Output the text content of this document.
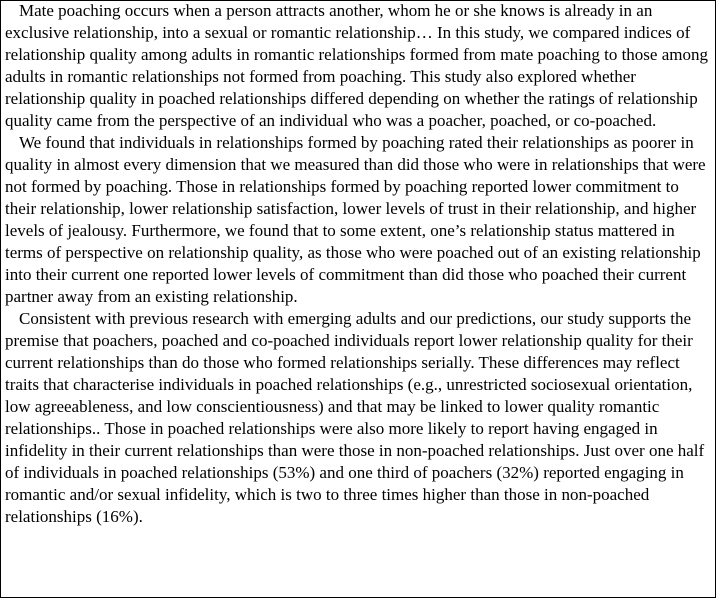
Mate poaching occurs when a person attracts another, whom he or she knows is already in an exclusive relationship, into a sexual or romantic relationship… In this study, we compared indices of relationship quality among adults in romantic relationships formed from mate poaching to those among adults in romantic relationships not formed from poaching. This study also explored whether relationship quality in poached relationships differed depending on whether the ratings of relationship quality came from the perspective of an individual who was a poacher, poached, or co-poached.

We found that individuals in relationships formed by poaching rated their relationships as poorer in quality in almost every dimension that we measured than did those who were in relationships that were not formed by poaching. Those in relationships formed by poaching reported lower commitment to their relationship, lower relationship satisfaction, lower levels of trust in their relationship, and higher levels of jealousy. Furthermore, we found that to some extent, one’s relationship status mattered in terms of perspective on relationship quality, as those who were poached out of an existing relationship into their current one reported lower levels of commitment than did those who poached their current partner away from an existing relationship.

Consistent with previous research with emerging adults and our predictions, our study supports the premise that poachers, poached and co-poached individuals report lower relationship quality for their current relationships than do those who formed relationships serially. These differences may reflect traits that characterise individuals in poached relationships (e.g., unrestricted sociosexual orientation, low agreeableness, and low conscientiousness) and that may be linked to lower quality romantic relationships.. Those in poached relationships were also more likely to report having engaged in infidelity in their current relationships than were those in non-poached relationships. Just over one half of individuals in poached relationships (53%) and one third of poachers (32%) reported engaging in romantic and/or sexual infidelity, which is two to three times higher than those in non-poached relationships (16%).
